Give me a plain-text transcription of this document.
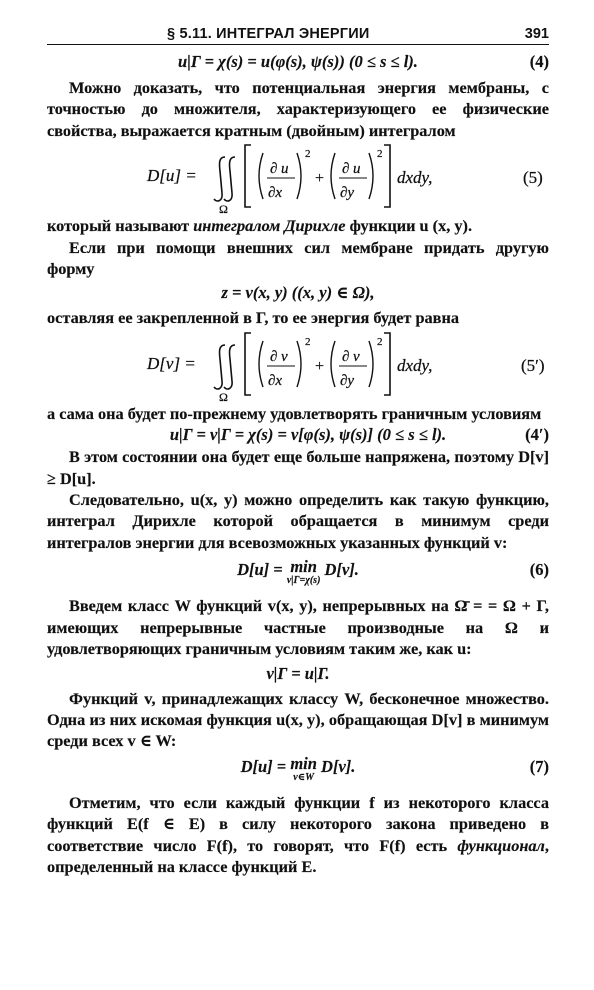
§ 5.11. ИНТЕГРАЛ ЭНЕРГИИ	391
u|Γ = χ(s) = u(φ(s), ψ(s)) (0 ≤ s ≤ l).	(4)

Можно доказать, что потенциальная энергия мембраны, с точностью до множителя, характеризующего ее физические свойства, выражается кратным (двойным) интегралом

D[u] =
Ω
∂ u
∂x
2
+
∂ u
∂y
2
dxdy,	(5)

который называют интегралом Дирихле функции u (x, y).

Если при помощи внешних сил мембране придать другую форму

z = v(x, y) ((x, y) ∈ Ω),

оставляя ее закрепленной в Γ, то ее энергия будет равна

D[v] =
Ω
∂ v
∂x
2
+
∂ v
∂y
2
dxdy,	(5′)

а сама она будет по-прежнему удовлетворять граничным условиям

u|Γ = v|Γ = χ(s) = v[φ(s), ψ(s)] (0 ≤ s ≤ l).	(4′)

В этом состоянии она будет еще больше напряжена, поэтому D[v] ≥ D[u].

Следовательно, u(x, y) можно определить как такую функцию, интеграл Дирихле которой обращается в минимум среди интегралов энергии для всевозможных указанных функций v:

D[u] = min
v|Γ=χ(s)
D[v].	(6)

Введем класс W функций v(x, y), непрерывных на Ω̄ = = Ω + Γ, имеющих непрерывные частные производные на Ω и удовлетворяющих граничным условиям таким же, как u:

v|Γ = u|Γ.

Функций v, принадлежащих классу W, бесконечное множество. Одна из них искомая функция u(x, y), обращающая D[v] в минимум среди всех v ∈ W:

D[u] = min
v∈W
D[v].	(7)

Отметим, что если каждый функции f из некоторого класса функций E(f ∈ E) в силу некоторого закона приведено в соответствие число F(f), то говорят, что F(f) есть функционал, определенный на классе функций E.
